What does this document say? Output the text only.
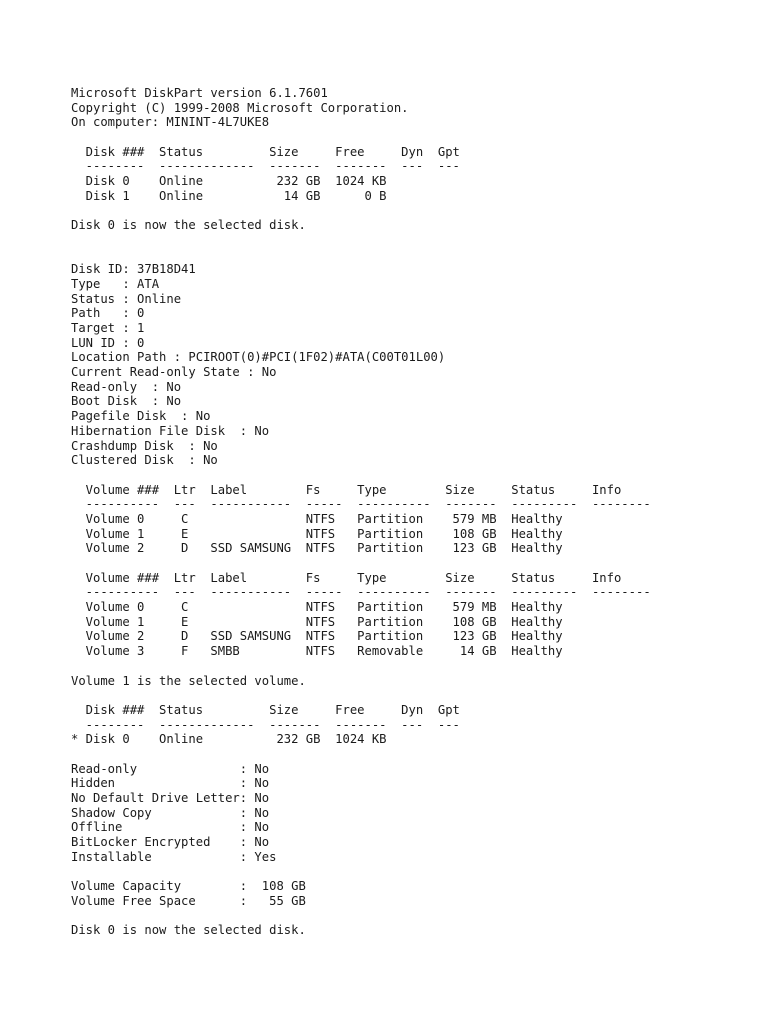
Microsoft DiskPart version 6.1.7601
Copyright (C) 1999-2008 Microsoft Corporation.
On computer: MININT-4L7UKE8
Disk ###  Status         Size     Free     Dyn  Gpt
--------  -------------  -------  -------  ---  ---
Disk 0    Online          232 GB  1024 KB
Disk 1    Online           14 GB      0 B
Disk 0 is now the selected disk.
Disk ID: 37B18D41
Type   : ATA
Status : Online
Path   : 0
Target : 1
LUN ID : 0
Location Path : PCIROOT(0)#PCI(1F02)#ATA(C00T01L00)
Current Read-only State : No
Read-only  : No
Boot Disk  : No
Pagefile Disk  : No
Hibernation File Disk  : No
Crashdump Disk  : No
Clustered Disk  : No
Volume ###  Ltr  Label        Fs     Type        Size     Status     Info
----------  ---  -----------  -----  ----------  -------  ---------  --------
Volume 0     C                NTFS   Partition    579 MB  Healthy
Volume 1     E                NTFS   Partition    108 GB  Healthy
Volume 2     D   SSD SAMSUNG  NTFS   Partition    123 GB  Healthy
Volume ###  Ltr  Label        Fs     Type        Size     Status     Info
----------  ---  -----------  -----  ----------  -------  ---------  --------
Volume 0     C                NTFS   Partition    579 MB  Healthy
Volume 1     E                NTFS   Partition    108 GB  Healthy
Volume 2     D   SSD SAMSUNG  NTFS   Partition    123 GB  Healthy
Volume 3     F   SMBB         NTFS   Removable     14 GB  Healthy
Volume 1 is the selected volume.
Disk ###  Status         Size     Free     Dyn  Gpt
--------  -------------  -------  -------  ---  ---
* Disk 0    Online          232 GB  1024 KB
Read-only              : No
Hidden                 : No
No Default Drive Letter: No
Shadow Copy            : No
Offline                : No
BitLocker Encrypted    : No
Installable            : Yes
Volume Capacity        :  108 GB
Volume Free Space      :   55 GB
Disk 0 is now the selected disk.
